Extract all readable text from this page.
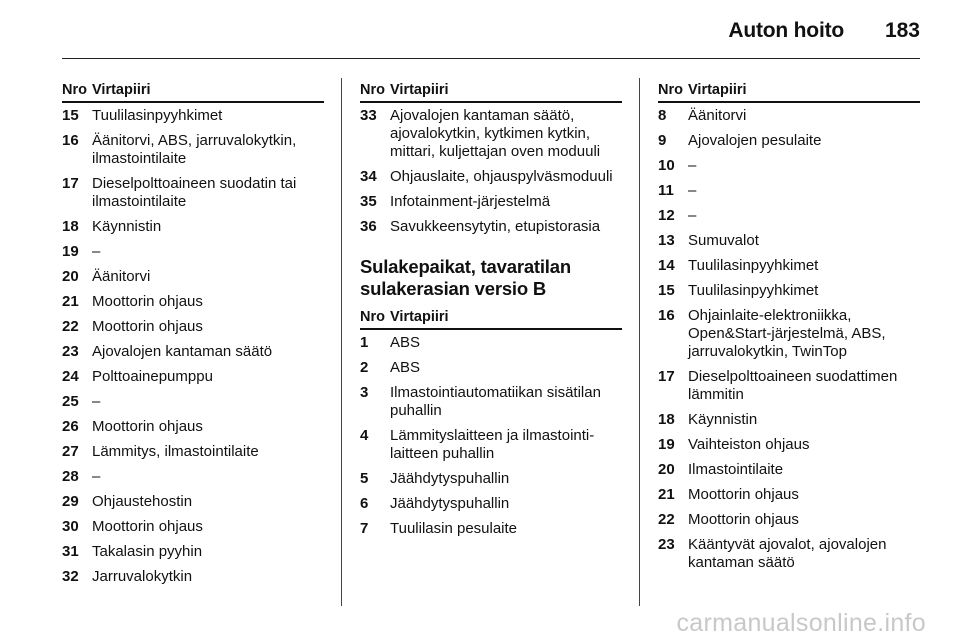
Auton hoito 183
Nro Virtapiiri
15 Tuulilasinpyyhkimet
16 Äänitorvi, ABS, jarruvalokytkin, ilmastointilaite
17 Dieselpolttoaineen suodatin tai ilmastointilaite
18 Käynnistin
19 –
20 Äänitorvi
21 Moottorin ohjaus
22 Moottorin ohjaus
23 Ajovalojen kantaman säätö
24 Polttoainepumppu
25 –
26 Moottorin ohjaus
27 Lämmitys, ilmastointilaite
28 –
29 Ohjaustehostin
30 Moottorin ohjaus
31 Takalasin pyyhin
32 Jarruvalokytkin
Nro Virtapiiri
33 Ajovalojen kantaman säätö, ajovalokytkin, kytkimen kytkin, mittari, kuljettajan oven moduuli
34 Ohjauslaite, ohjauspylväsmoduuli
35 Infotainment-järjestelmä
36 Savukkeensytytin, etupistorasia
Sulakepaikat, tavaratilan sulakerasian versio B
Nro Virtapiiri
1	ABS
2	ABS
3	Ilmastointiautomatiikan sisätilan puhallin
4	Lämmityslaitteen ja ilmastointilaitteen puhallin
5	Jäähdytyspuhallin
6	Jäähdytyspuhallin
7	Tuulilasin pesulaite
Nro Virtapiiri
8	Äänitorvi
9	Ajovalojen pesulaite
10 –
11 –
12 –
13 Sumuvalot
14 Tuulilasinpyyhkimet
15 Tuulilasinpyyhkimet
16 Ohjainlaite-elektroniikka, Open&Start-järjestelmä, ABS, jarruvalokytkin, TwinTop
17 Dieselpolttoaineen suodattimen lämmitin
18 Käynnistin
19 Vaihteiston ohjaus
20 Ilmastointilaite
21 Moottorin ohjaus
22 Moottorin ohjaus
23 Kääntyvät ajovalot, ajovalojen kantaman säätö
carmanualsonline.info
